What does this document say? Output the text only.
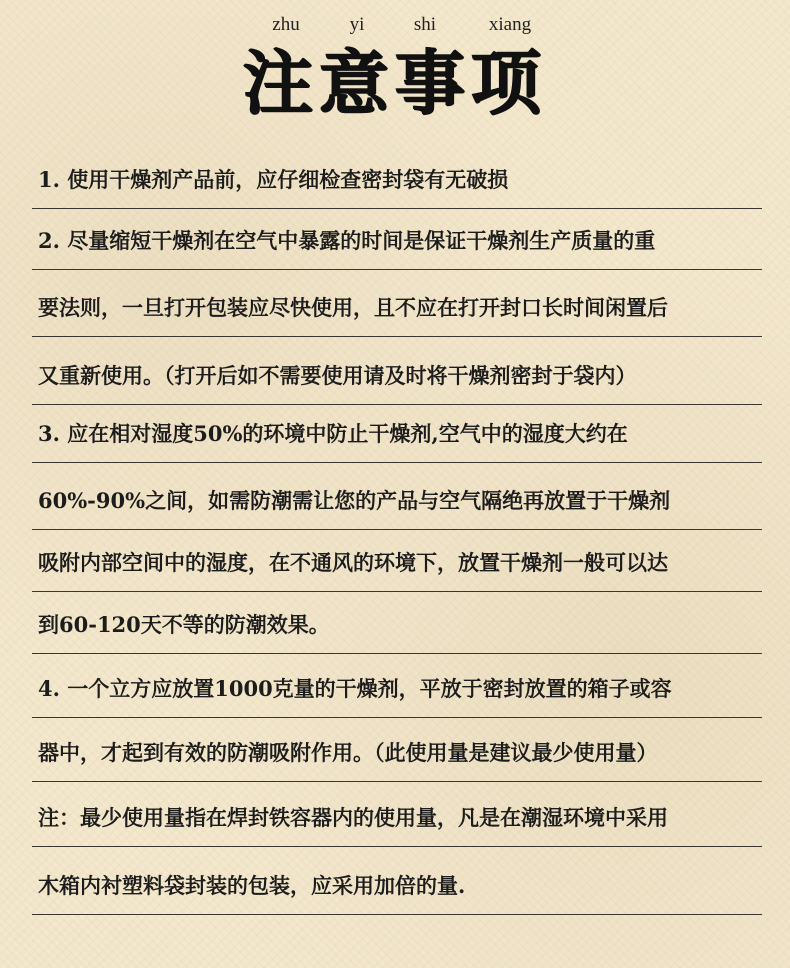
zhu	yi	shi	xiang
注意事项
1. 使用干燥剂产品前，应仔细检查密封袋有无破损
2. 尽量缩短干燥剂在空气中暴露的时间是保证干燥剂生产质量的重
要法则，一旦打开包装应尽快使用，且不应在打开封口长时间闲置后
又重新使用。（打开后如不需要使用请及时将干燥剂密封于袋内）
3. 应在相对湿度50%的环境中防止干燥剂,空气中的湿度大约在
60%-90%之间，如需防潮需让您的产品与空气隔绝再放置于干燥剂
吸附内部空间中的湿度，在不通风的环境下，放置干燥剂一般可以达
到60-120天不等的防潮效果。
4. 一个立方应放置1000克量的干燥剂，平放于密封放置的箱子或容
器中，才起到有效的防潮吸附作用。（此使用量是建议最少使用量）
注：最少使用量指在焊封铁容器内的使用量，凡是在潮湿环境中采用
木箱内衬塑料袋封装的包装，应采用加倍的量.
